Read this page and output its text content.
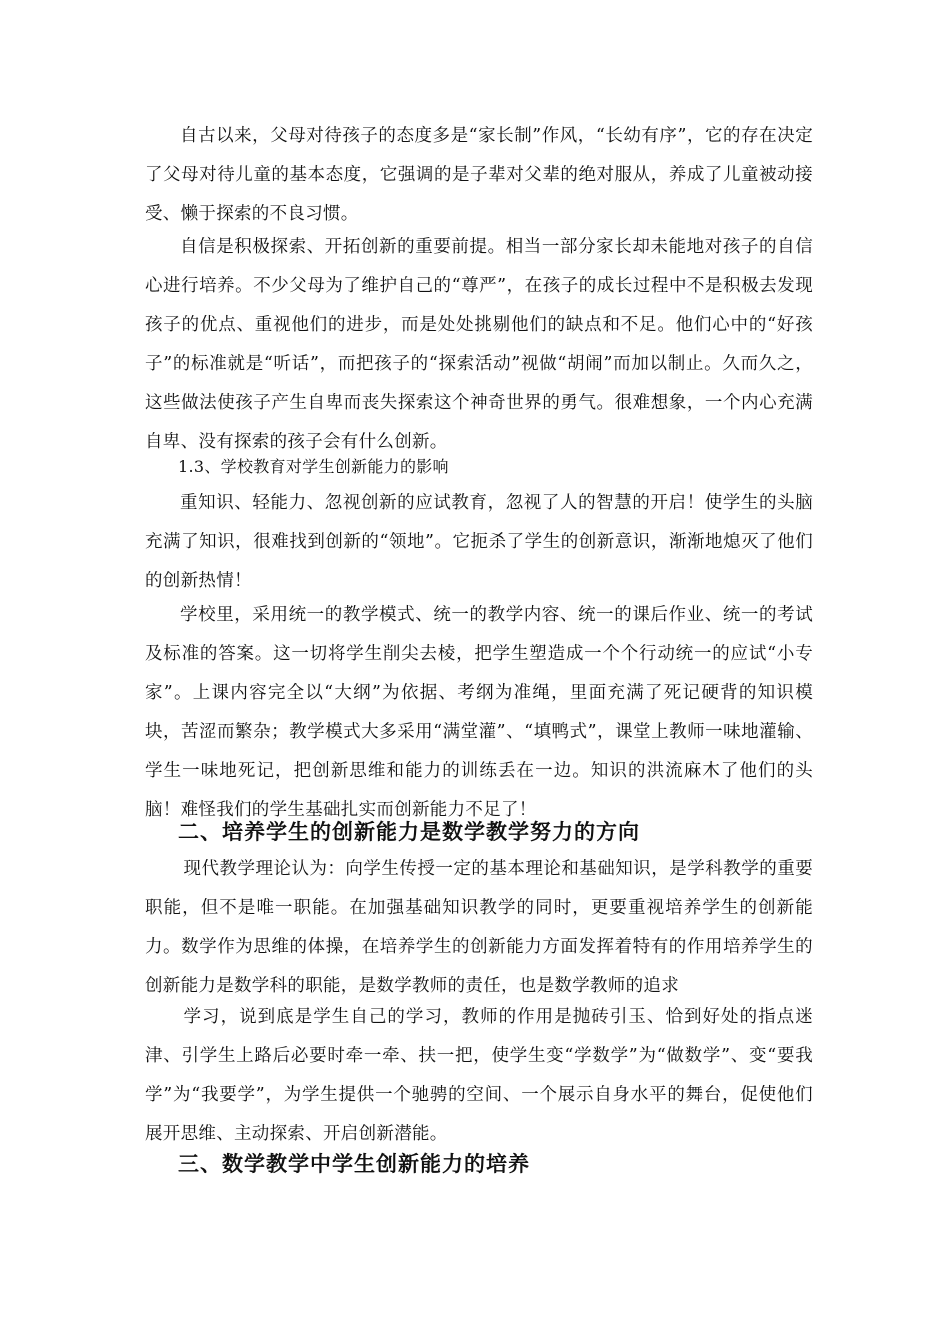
自古以来，父母对待孩子的态度多是“家长制”作风，“长幼有序”，它的存在决定了父母对待儿童的基本态度，它强调的是子辈对父辈的绝对服从，养成了儿童被动接受、懒于探索的不良习惯。

自信是积极探索、开拓创新的重要前提。相当一部分家长却未能地对孩子的自信心进行培养。不少父母为了维护自己的“尊严”，在孩子的成长过程中不是积极去发现孩子的优点、重视他们的进步，而是处处挑剔他们的缺点和不足。他们心中的“好孩子”的标准就是“听话”，而把孩子的“探索活动”视做“胡闹”而加以制止。久而久之，这些做法使孩子产生自卑而丧失探索这个神奇世界的勇气。很难想象，一个内心充满自卑、没有探索的孩子会有什么创新。

1.3、学校教育对学生创新能力的影响

重知识、轻能力、忽视创新的应试教育，忽视了人的智慧的开启！使学生的头脑充满了知识，很难找到创新的“领地”。它扼杀了学生的创新意识，渐渐地熄灭了他们的创新热情！

学校里，采用统一的教学模式、统一的教学内容、统一的课后作业、统一的考试及标准的答案。这一切将学生削尖去棱，把学生塑造成一个个行动统一的应试“小专家”。上课内容完全以“大纲”为依据、考纲为准绳，里面充满了死记硬背的知识模块，苦涩而繁杂；教学模式大多采用“满堂灌”、“填鸭式”，课堂上教师一味地灌输、学生一味地死记，把创新思维和能力的训练丢在一边。知识的洪流麻木了他们的头脑！难怪我们的学生基础扎实而创新能力不足了！

二、培养学生的创新能力是数学教学努力的方向

现代教学理论认为：向学生传授一定的基本理论和基础知识，是学科教学的重要职能，但不是唯一职能。在加强基础知识教学的同时，更要重视培养学生的创新能力。数学作为思维的体操，在培养学生的创新能力方面发挥着特有的作用培养学生的创新能力是数学科的职能，是数学教师的责任，也是数学教师的追求

学习，说到底是学生自己的学习，教师的作用是抛砖引玉、恰到好处的指点迷津、引学生上路后必要时牵一牵、扶一把，使学生变“学数学”为“做数学”、变“要我学”为“我要学”，为学生提供一个驰骋的空间、一个展示自身水平的舞台，促使他们展开思维、主动探索、开启创新潜能。

三、数学教学中学生创新能力的培养
